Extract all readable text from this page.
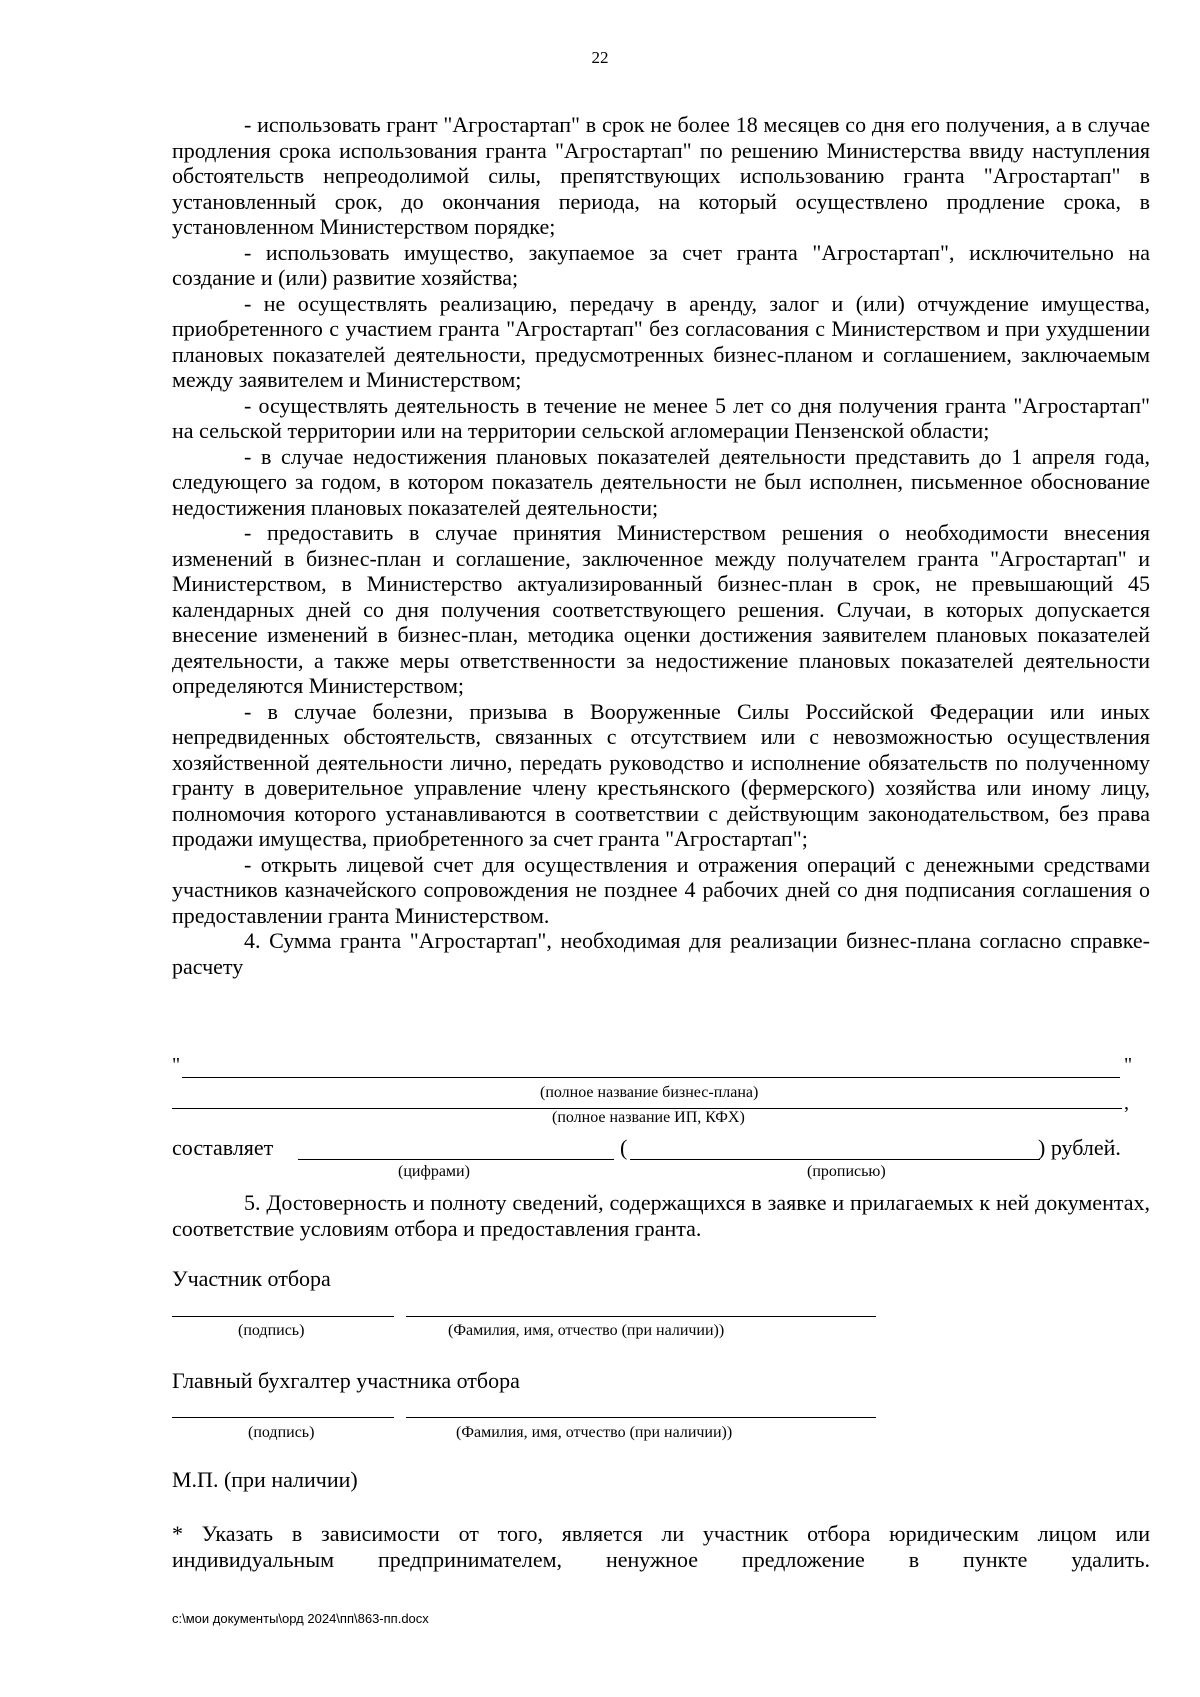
22

- использовать грант "Агростартап" в срок не более 18 месяцев со дня его получения, а в случае продления срока использования гранта "Агростартап" по решению Министерства ввиду наступления обстоятельств непреодолимой силы, препятствующих использованию гранта "Агростартап" в установленный срок, до окончания периода, на который осуществлено продление срока, в установленном Министерством порядке;

- использовать имущество, закупаемое за счет гранта "Агростартап", исключительно на создание и (или) развитие хозяйства;

- не осуществлять реализацию, передачу в аренду, залог и (или) отчуждение имущества, приобретенного с участием гранта "Агростартап" без согласования с Министерством и при ухудшении плановых показателей деятельности, предусмотренных бизнес-планом и соглашением, заключаемым между заявителем и Министерством;

- осуществлять деятельность в течение не менее 5 лет со дня получения гранта "Агростартап" на сельской территории или на территории сельской агломерации Пензенской области;

- в случае недостижения плановых показателей деятельности представить до 1 апреля года, следующего за годом, в котором показатель деятельности не был исполнен, письменное обоснование недостижения плановых показателей деятельности;

- предоставить в случае принятия Министерством решения о необходимости внесения изменений в бизнес-план и соглашение, заключенное между получателем гранта "Агростартап" и Министерством, в Министерство актуализированный бизнес-план в срок, не превышающий 45 календарных дней со дня получения соответствующего решения. Случаи, в которых допускается внесение изменений в бизнес-план, методика оценки достижения заявителем плановых показателей деятельности, а также меры ответственности за недостижение плановых показателей деятельности определяются Министерством;

- в случае болезни, призыва в Вооруженные Силы Российской Федерации или иных непредвиденных обстоятельств, связанных с отсутствием или с невозможностью осуществления хозяйственной деятельности лично, передать руководство и исполнение обязательств по полученному гранту в доверительное управление члену крестьянского (фермерского) хозяйства или иному лицу, полномочия которого устанавливаются в соответствии с действующим законодательством, без права продажи имущества, приобретенного за счет гранта "Агростартап";

- открыть лицевой счет для осуществления и отражения операций с денежными средствами участников казначейского сопровождения не позднее 4 рабочих дней со дня подписания соглашения о предоставлении гранта Министерством.

4. Сумма гранта "Агростартап", необходимая для реализации бизнес-плана согласно справке-расчету

"	"
(полное название бизнес-плана)	,
(полное название ИП, КФХ)
составляет	(	) рублей.
(цифрами)	(прописью)

5. Достоверность и полноту сведений, содержащихся в заявке и прилагаемых к ней документах, соответствие условиям отбора и предоставления гранта.

Участник отбора
(подпись)	(Фамилия, имя, отчество (при наличии))
Главный бухгалтер участника отбора
(подпись)	(Фамилия, имя, отчество (при наличии))
М.П. (при наличии)
* Указать в зависимости от того, является ли участник отбора юридическим лицом или индивидуальным предпринимателем, ненужное предложение в пункте удалить.
c:\мои документы\орд 2024\пп\863-пп.docx
